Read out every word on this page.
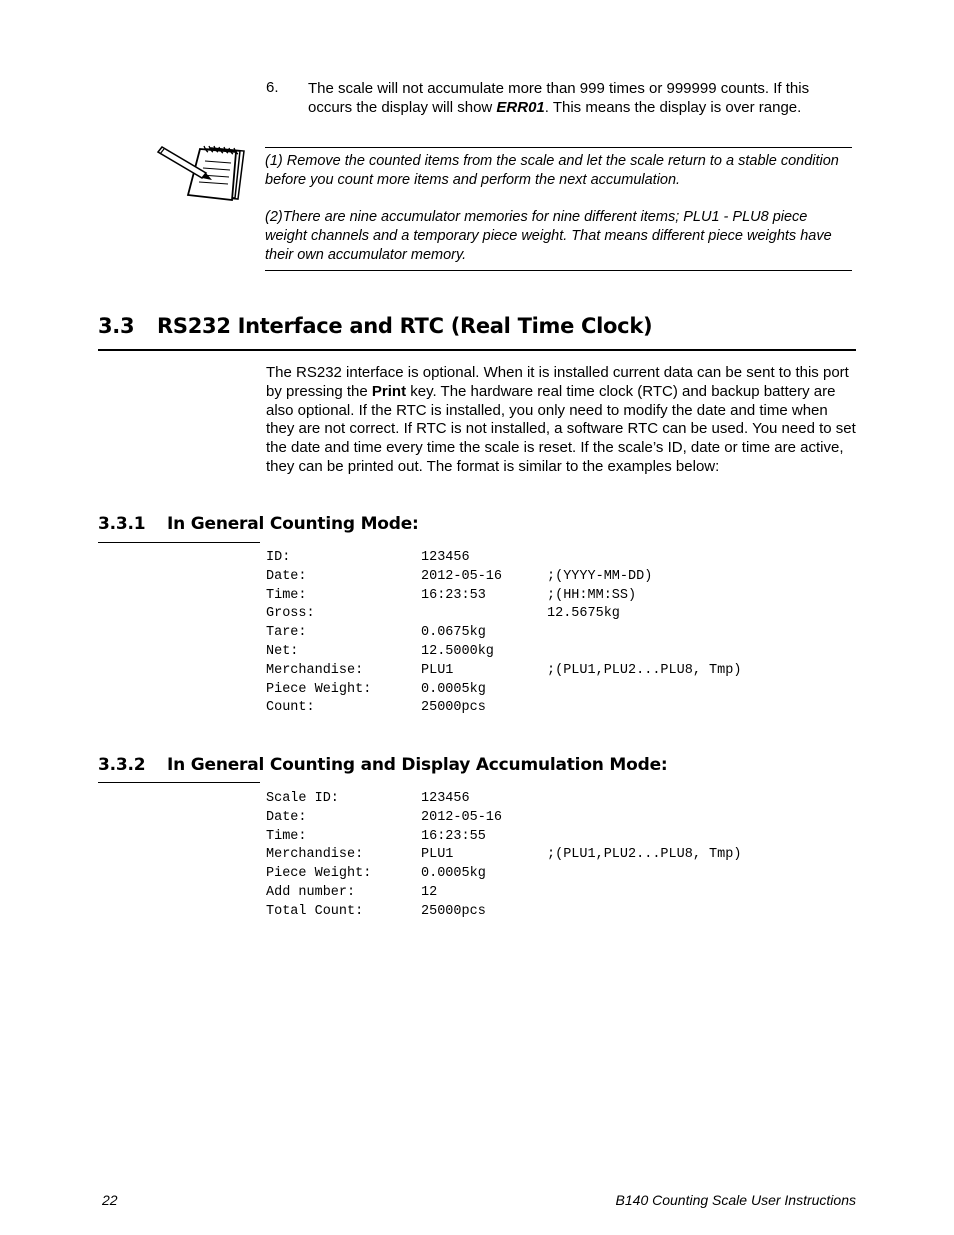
6. The scale will not accumulate more than 999 times or 999999 counts. If this occurs the display will show ERR01. This means the display is over range.
(1) Remove the counted items from the scale and let the scale return to a stable condition before you count more items and perform the next accumulation.
(2)There are nine accumulator memories for nine different items; PLU1 - PLU8 piece weight channels and a temporary piece weight. That means different piece weights have their own accumulator memory.
3.3 RS232 Interface and RTC (Real Time Clock)
The RS232 interface is optional. When it is installed current data can be sent to this port by pressing the Print key. The hardware real time clock (RTC) and backup battery are also optional. If the RTC is installed, you only need to modify the date and time when they are not correct. If RTC is not installed, a software RTC can be used. You need to set the date and time every time the scale is reset. If the scale’s ID, date or time are active, they can be printed out. The format is similar to the examples below:
3.3.1 In General Counting Mode:
ID:	123456
Date:	2012-05-16	;(YYYY-MM-DD)
Time:	16:23:53	;(HH:MM:SS)
Gross:	12.5675kg
Tare:	0.0675kg
Net:	12.5000kg
Merchandise:	PLU1	;(PLU1,PLU2...PLU8, Tmp)
Piece Weight:	0.0005kg
Count:	25000pcs
3.3.2 In General Counting and Display Accumulation Mode:
Scale ID:	123456
Date:	2012-05-16
Time:	16:23:55
Merchandise:	PLU1	;(PLU1,PLU2...PLU8, Tmp)
Piece Weight:	0.0005kg
Add number:	12
Total Count:	25000pcs
22	B140 Counting Scale User Instructions
